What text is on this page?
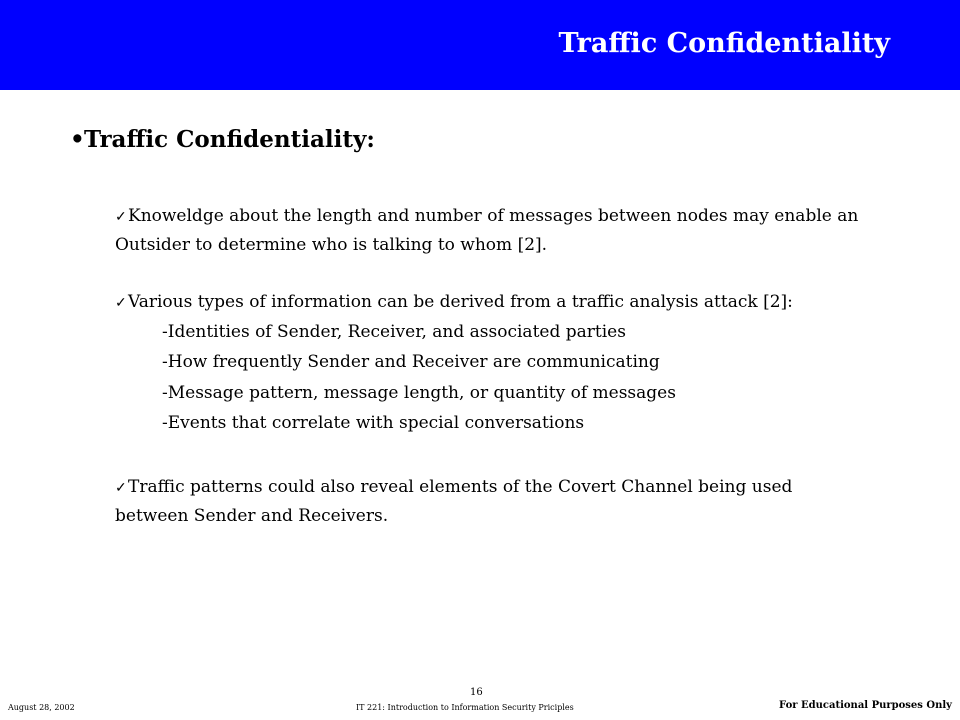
Traffic Confidentiality
•Traffic Confidentiality:
✓Knoweldge about the length and number of messages between nodes may enable an Outsider to determine who is talking to whom [2].
✓Various types of information can be derived from a traffic analysis attack [2]:
-Identities of Sender, Receiver, and associated parties
-How frequently Sender and Receiver are communicating
-Message pattern, message length, or quantity of messages
-Events that correlate with special conversations
✓Traffic patterns could also reveal elements of the Covert Channel being used between Sender and Receivers.
August 28, 2002
16
IT 221: Introduction to Information Security Priciples	For Educational Purposes Only
